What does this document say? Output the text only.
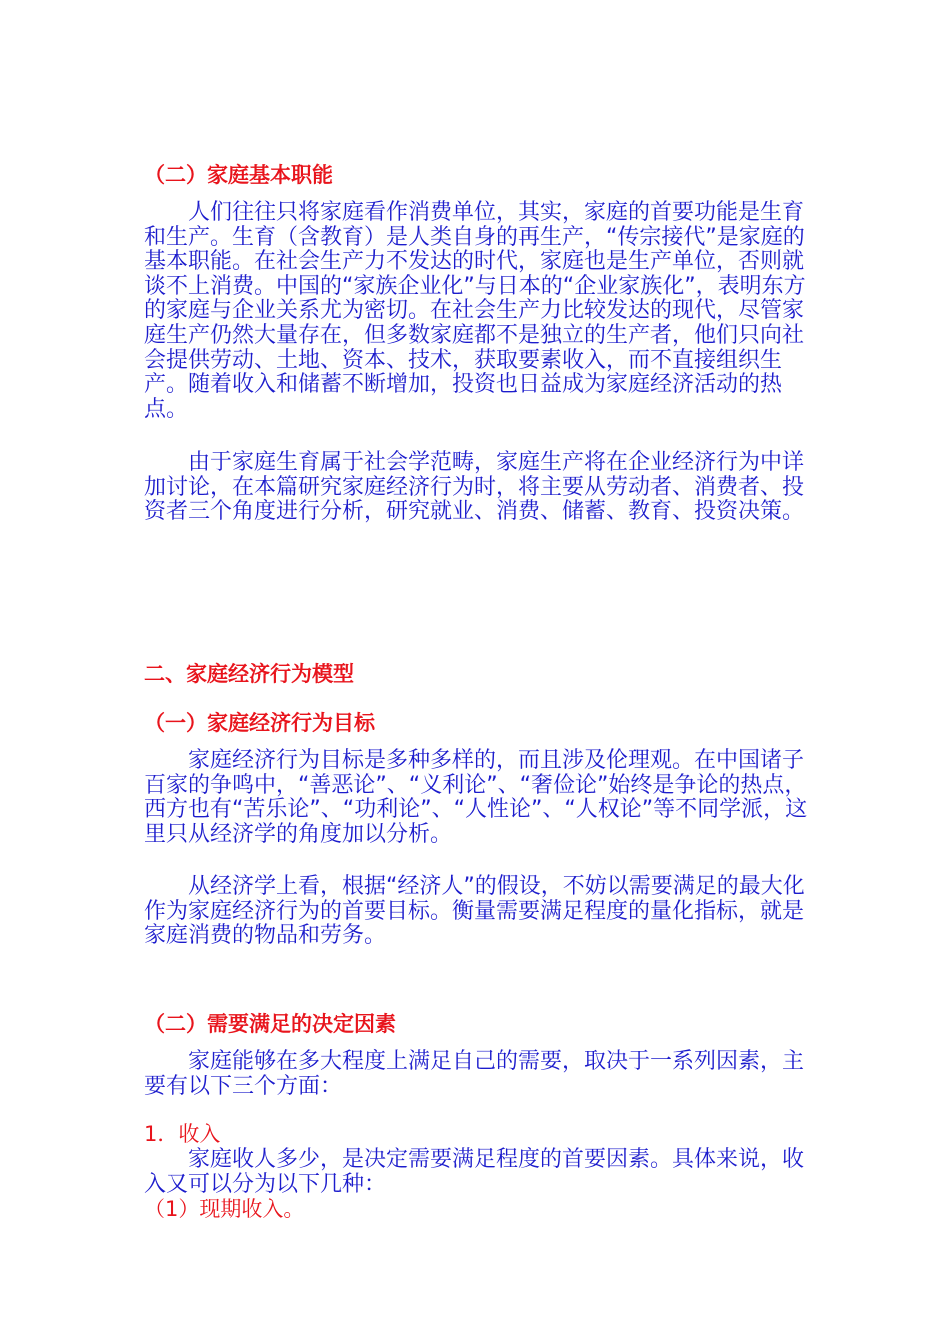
（二）家庭基本职能
人们往往只将家庭看作消费单位，其实，家庭的首要功能是生育和生产。生育（含教育）是人类自身的再生产，“传宗接代”是家庭的基本职能。在社会生产力不发达的时代，家庭也是生产单位，否则就谈不上消费。中国的“家族企业化”与日本的“企业家族化”，表明东方的家庭与企业关系尤为密切。在社会生产力比较发达的现代，尽管家庭生产仍然大量存在，但多数家庭都不是独立的生产者，他们只向社会提供劳动、土地、资本、技术，获取要素收入，而不直接组织生产。随着收入和储蓄不断增加，投资也日益成为家庭经济活动的热点。
由于家庭生育属于社会学范畴，家庭生产将在企业经济行为中详加讨论，在本篇研究家庭经济行为时，将主要从劳动者、消费者、投资者三个角度进行分析，研究就业、消费、储蓄、教育、投资决策。
二、家庭经济行为模型
（一）家庭经济行为目标
家庭经济行为目标是多种多样的，而且涉及伦理观。在中国诸子百家的争鸣中，“善恶论”、“义利论”、“奢俭论”始终是争论的热点，西方也有“苦乐论”、“功利论”、“人性论”、“人权论”等不同学派，这里只从经济学的角度加以分析。
从经济学上看，根据“经济人”的假设，不妨以需要满足的最大化作为家庭经济行为的首要目标。衡量需要满足程度的量化指标，就是家庭消费的物品和劳务。
（二）需要满足的决定因素
家庭能够在多大程度上满足自己的需要，取决于一系列因素，主要有以下三个方面：
1．收入
家庭收人多少，是决定需要满足程度的首要因素。具体来说，收入又可以分为以下几种：
（1）现期收入。
